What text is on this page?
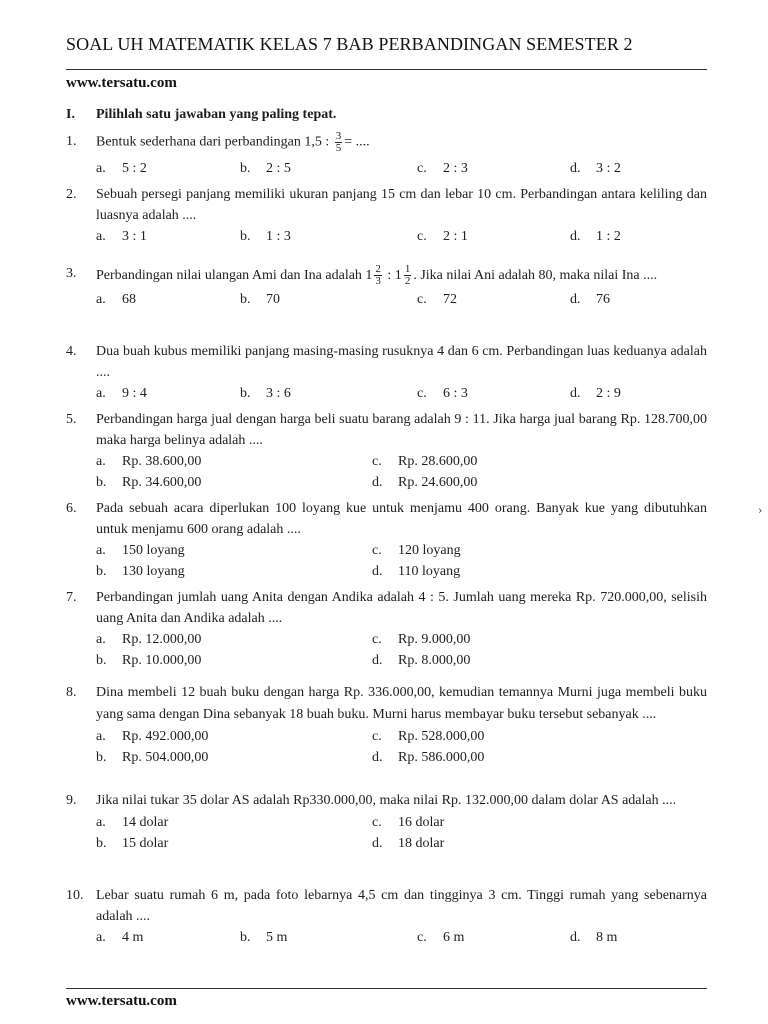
SOAL UH MATEMATIK KELAS 7 BAB PERBANDINGAN SEMESTER 2
www.tersatu.com
I. Pilihlah satu jawaban yang paling tepat.
1. Bentuk sederhana dari perbandingan 1,5 : $\frac{3}{5}$ = ....
a. 5 : 2	b. 2 : 5	c. 2 : 3	d. 3 : 2
2. Sebuah persegi panjang memiliki ukuran panjang 15 cm dan lebar 10 cm. Perbandingan antara keliling dan luasnya adalah ....
a. 3 : 1	b. 1 : 3	c. 2 : 1	d. 1 : 2
3. Perbandingan nilai ulangan Ami dan Ina adalah $1 \frac{2}{3}$ : $1 \frac{1}{2}$ . Jika nilai Ani adalah 80, maka nilai Ina ....
a. 68	b. 70	c. 72	d. 76
4. Dua buah kubus memiliki panjang masing-masing rusuknya 4 dan 6 cm. Perbandingan luas keduanya adalah ....
a. 9 : 4	b. 3 : 6	c. 6 : 3	d. 2 : 9
5. Perbandingan harga jual dengan harga beli suatu barang adalah 9 : 11. Jika harga jual barang Rp. 128.700,00 maka harga belinya adalah ....
a. Rp. 38.600,00	c. Rp. 28.600,00
b. Rp. 34.600,00	d. Rp. 24.600,00
6. Pada sebuah acara diperlukan 100 loyang kue untuk menjamu 400 orang. Banyak kue yang dibutuhkan untuk menjamu 600 orang adalah ....
a. 150 loyang	c. 120 loyang
b. 130 loyang	d. 110 loyang
7. Perbandingan jumlah uang Anita dengan Andika adalah 4 : 5. Jumlah uang mereka Rp. 720.000,00, selisih uang Anita dan Andika adalah ....
a. Rp. 12.000,00	c. Rp. 9.000,00
b. Rp. 10.000,00	d. Rp. 8.000,00
8. Dina membeli 12 buah buku dengan harga Rp. 336.000,00, kemudian temannya Murni juga membeli buku yang sama dengan Dina sebanyak 18 buah buku. Murni harus membayar buku tersebut sebanyak ....
a. Rp. 492.000,00	c. Rp. 528.000,00
b. Rp. 504.000,00	d. Rp. 586.000,00
9. Jika nilai tukar 35 dolar AS adalah Rp330.000,00, maka nilai Rp. 132.000,00 dalam dolar AS adalah ....
a. 14 dolar	c. 16 dolar
b. 15 dolar	d. 18 dolar
10. Lebar suatu rumah 6 m, pada foto lebarnya 4,5 cm dan tingginya 3 cm. Tinggi rumah yang sebenarnya adalah ....
a. 4 m	b. 5 m	c. 6 m	d. 8 m
www.tersatu.com
›
